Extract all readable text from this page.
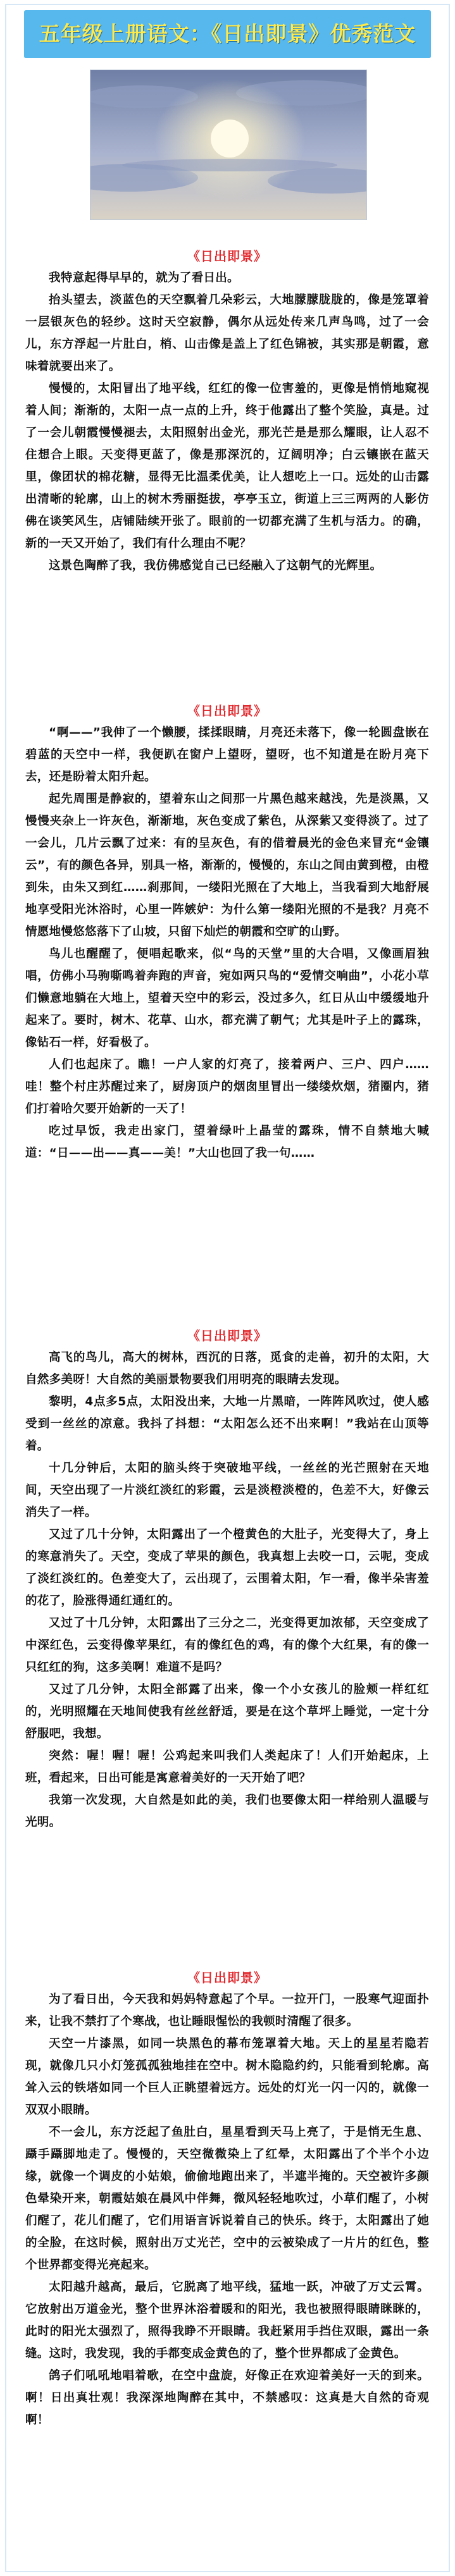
五年级上册语文：《日出即景》优秀范文
《日出即景》

我特意起得早早的，就为了看日出。

抬头望去，淡蓝色的天空飘着几朵彩云，大地朦朦胧胧的，像是笼罩着一层银灰色的轻纱。这时天空寂静，偶尔从远处传来几声鸟鸣，过了一会儿，东方浮起一片肚白，梢、山击像是盖上了红色锦被，其实那是朝霞，意味着就要出来了。

慢慢的，太阳冒出了地平线，红红的像一位害羞的，更像是悄悄地窥视着人间；渐渐的，太阳一点一点的上升，终于他露出了整个笑脸，真是。过了一会儿朝霞慢慢褪去，太阳照射出金光，那光芒是是那么耀眼，让人忍不住想合上眼。天变得更蓝了，像是那深沉的，辽阔明净；白云镶嵌在蓝天里，像团状的棉花糖，显得无比温柔优美，让人想吃上一口。远处的山击露出清晰的轮廓，山上的树木秀丽挺拔，亭亭玉立，街道上三三两两的人影仿佛在谈笑风生，店铺陆续开张了。眼前的一切都充满了生机与活力。的确，新的一天又开始了，我们有什么理由不呢？

这景色陶醉了我，我仿佛感觉自己已经融入了这朝气的光辉里。

《日出即景》

“啊——”我伸了一个懒腰，揉揉眼睛，月亮还未落下，像一轮圆盘嵌在碧蓝的天空中一样，我便趴在窗户上望呀，望呀，也不知道是在盼月亮下去，还是盼着太阳升起。

起先周围是静寂的，望着东山之间那一片黑色越来越浅，先是淡黑，又慢慢夹杂上一许灰色，渐渐地，灰色变成了紫色，从深紫又变得淡了。过了一会儿，几片云飘了过来：有的呈灰色，有的借着晨光的金色来冒充“金镶云”，有的颜色各异，别具一格，渐渐的，慢慢的，东山之间由黄到橙，由橙到朱，由朱又到红……刹那间，一缕阳光照在了大地上，当我看到大地舒展地享受阳光沐浴时，心里一阵嫉妒：为什么第一缕阳光照的不是我？月亮不情愿地慢悠悠落下了山坡，只留下灿烂的朝霞和空旷的山野。

鸟儿也醒醒了，便唱起歌来，似“鸟的天堂”里的大合唱，又像画眉独唱，仿佛小马驹嘶鸣着奔跑的声音，宛如两只鸟的“爱情交响曲”，小花小草们懒意地躺在大地上，望着天空中的彩云，没过多久，红日从山中缓缓地升起来了。要时，树木、花草、山水，都充满了朝气；尤其是叶子上的露珠，像钻石一样，好看极了。

人们也起床了。瞧！一户人家的灯亮了，接着两户、三户、四户……哇！整个村庄苏醒过来了，厨房顶户的烟囱里冒出一缕缕炊烟，猪圈内，猪们打着哈欠要开始新的一天了！

吃过早饭，我走出家门，望着绿叶上晶莹的露珠，情不自禁地大喊道：“日——出——真——美！”大山也回了我一句……

《日出即景》

高飞的鸟儿，高大的树林，西沉的日落，觅食的走兽，初升的太阳，大自然多美呀！大自然的美丽景物要我们用明亮的眼睛去发现。

黎明，4点多5点，太阳没出来，大地一片黑暗，一阵阵风吹过，使人感受到一丝丝的凉意。我抖了抖想：“太阳怎么还不出来啊！”我站在山顶等着。

十几分钟后，太阳的脑头终于突破地平线，一丝丝的光芒照射在天地间，天空出现了一片淡红淡红的彩霞，云是淡橙淡橙的，色差不大，好像云消失了一样。

又过了几十分钟，太阳露出了一个橙黄色的大肚子，光变得大了，身上的寒意消失了。天空，变成了苹果的颜色，我真想上去咬一口，云呢，变成了淡红淡红的。色差变大了，云出现了，云围着太阳，乍一看，像半朵害羞的花了，脸涨得通红通红的。

又过了十几分钟，太阳露出了三分之二，光变得更加浓郁，天空变成了中深红色，云变得像苹果红，有的像红色的鸡，有的像个大红果，有的像一只红红的狗，这多美啊！难道不是吗？

又过了几分钟，太阳全部露了出来，像一个小女孩儿的脸颊一样红红的，光明照耀在天地间使我有丝丝舒适，要是在这个草坪上睡觉，一定十分舒服吧，我想。

突然：喔！喔！喔！公鸡起来叫我们人类起床了！人们开始起床，上班，看起来，日出可能是寓意着美好的一天开始了吧？

我第一次发现，大自然是如此的美，我们也要像太阳一样给别人温暖与光明。

《日出即景》

为了看日出，今天我和妈妈特意起了个早。一拉开门，一股寒气迎面扑来，让我不禁打了个寒战，也让睡眼惺忪的我顿时清醒了很多。

天空一片漆黑，如同一块黑色的幕布笼罩着大地。天上的星星若隐若现，就像几只小灯笼孤孤独地挂在空中。树木隐隐约约，只能看到轮廓。高耸入云的铁塔如同一个巨人正眺望着远方。远处的灯光一闪一闪的，就像一双双小眼睛。

不一会儿，东方泛起了鱼肚白，星星看到天马上亮了，于是悄无生息、躡手躡脚地走了。慢慢的，天空微微染上了红晕，太阳露出了个半个小边缘，就像一个调皮的小姑娘，偷偷地跑出来了，半遮半掩的。天空被许多颜色晕染开来，朝霞姑娘在晨风中伴舞，微风轻轻地吹过，小草们醒了，小树们醒了，花儿们醒了，它们用语言诉说着自己的快乐。终于，太阳露出了她的全脸，在这时候，照射出万丈光芒，空中的云被染成了一片片的红色，整个世界都变得光亮起来。

太阳越升越高，最后，它脱离了地平线，猛地一跃，冲破了万丈云霄。它放射出万道金光，整个世界沐浴着暖和的阳光，我也被照得眼睛眯眯的，此时的阳光太强烈了，照得我睁不开眼睛。我赶紧用手挡住双眼，露出一条缝。这时，我发现，我的手都变成金黄色的了，整个世界都成了金黄色。

鸽子们吼吼地唱着歌，在空中盘旋，好像正在欢迎着美好一天的到来。啊！日出真壮观！我深深地陶醉在其中，不禁感叹：这真是大自然的奇观啊！
